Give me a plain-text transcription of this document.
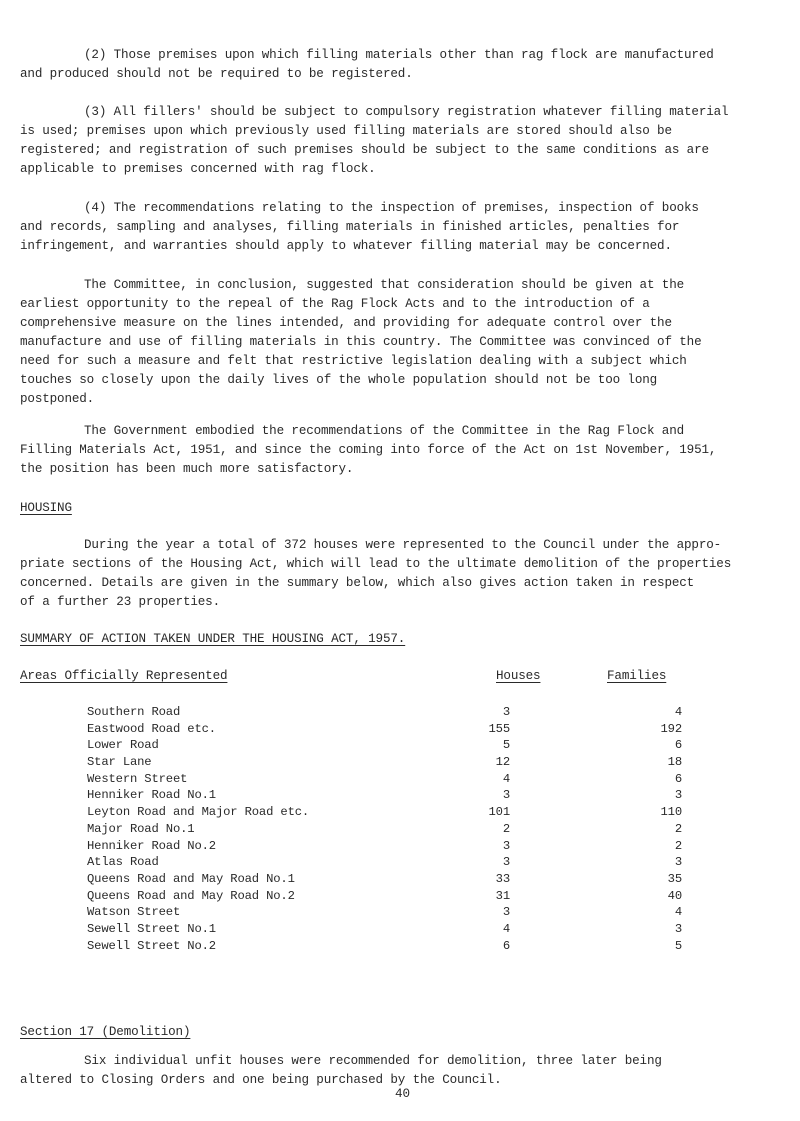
(2) Those premises upon which filling materials other than rag flock are manufactured
and produced should not be required to be registered.

(3) All fillers' should be subject to compulsory registration whatever filling material
is used; premises upon which previously used filling materials are stored should also be
registered; and registration of such premises should be subject to the same conditions as are
applicable to premises concerned with rag flock.

(4) The recommendations relating to the inspection of premises, inspection of books
and records, sampling and analyses, filling materials in finished articles, penalties for
infringement, and warranties should apply to whatever filling material may be concerned.

The Committee, in conclusion, suggested that consideration should be given at the
earliest opportunity to the repeal of the Rag Flock Acts and to the introduction of a
comprehensive measure on the lines intended, and providing for adequate control over the
manufacture and use of filling materials in this country. The Committee was convinced of the
need for such a measure and felt that restrictive legislation dealing with a subject which
touches so closely upon the daily lives of the whole population should not be too long
postponed.

The Government embodied the recommendations of the Committee in the Rag Flock and
Filling Materials Act, 1951, and since the coming into force of the Act on 1st November, 1951,
the position has been much more satisfactory.

HOUSING

During the year a total of 372 houses were represented to the Council under the appro-
priate sections of the Housing Act, which will lead to the ultimate demolition of the properties
concerned. Details are given in the summary below, which also gives action taken in respect
of a further 23 properties.

SUMMARY OF ACTION TAKEN UNDER THE HOUSING ACT, 1957.

Areas Officially Represented	Houses	Families

Southern Road	3	4
Eastwood Road etc.	155	192
Lower Road	5	6
Star Lane	12	18
Western Street	4	6
Henniker Road No.1	3	3
Leyton Road and Major Road etc.	101	110
Major Road No.1	2	2
Henniker Road No.2	3	2
Atlas Road	3	3
Queens Road and May Road No.1	33	35
Queens Road and May Road No.2	31	40
Watson Street	3	4
Sewell Street No.1	4	3
Sewell Street No.2	6	5

Section 17 (Demolition)

Six individual unfit houses were recommended for demolition, three later being
altered to Closing Orders and one being purchased by the Council.

40
